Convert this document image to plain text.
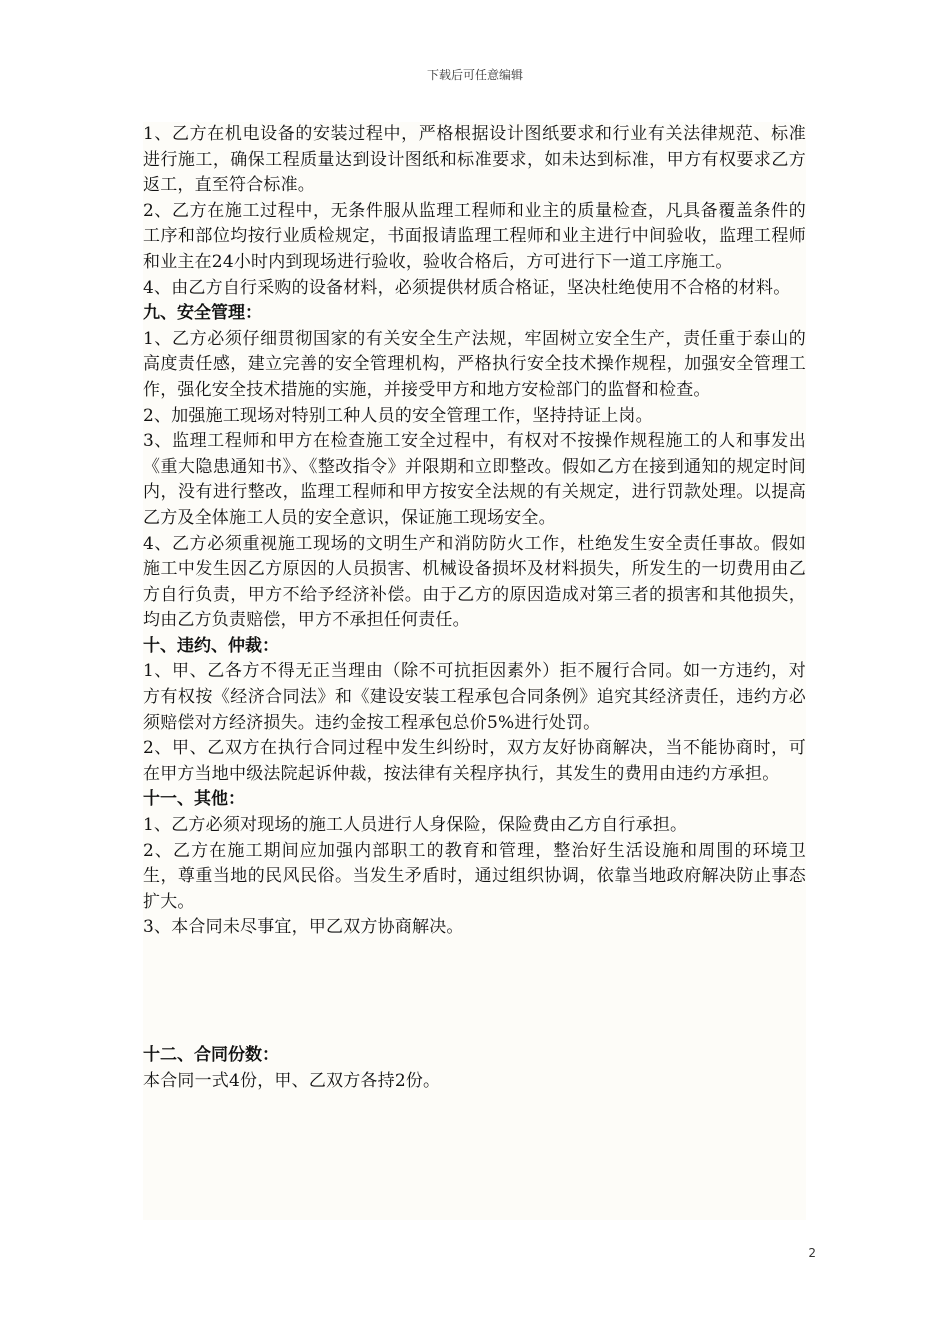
下载后可任意编辑

1、乙方在机电设备的安装过程中，严格根据设计图纸要求和行业有关法律规范、标准进行施工，确保工程质量达到设计图纸和标准要求，如未达到标准，甲方有权要求乙方返工，直至符合标准。

2、乙方在施工过程中，无条件服从监理工程师和业主的质量检查，凡具备覆盖条件的工序和部位均按行业质检规定，书面报请监理工程师和业主进行中间验收，监理工程师和业主在24小时内到现场进行验收，验收合格后，方可进行下一道工序施工。

4、由乙方自行采购的设备材料，必须提供材质合格证，坚决杜绝使用不合格的材料。

九、安全管理：

1、乙方必须仔细贯彻国家的有关安全生产法规，牢固树立安全生产，责任重于泰山的高度责任感，建立完善的安全管理机构，严格执行安全技术操作规程，加强安全管理工作，强化安全技术措施的实施，并接受甲方和地方安检部门的监督和检查。

2、加强施工现场对特别工种人员的安全管理工作，坚持持证上岗。

3、监理工程师和甲方在检查施工安全过程中，有权对不按操作规程施工的人和事发出《重大隐患通知书》、《整改指令》并限期和立即整改。假如乙方在接到通知的规定时间内，没有进行整改，监理工程师和甲方按安全法规的有关规定，进行罚款处理。以提高乙方及全体施工人员的安全意识，保证施工现场安全。

4、乙方必须重视施工现场的文明生产和消防防火工作，杜绝发生安全责任事故。假如施工中发生因乙方原因的人员损害、机械设备损坏及材料损失，所发生的一切费用由乙方自行负责，甲方不给予经济补偿。由于乙方的原因造成对第三者的损害和其他损失，均由乙方负责赔偿，甲方不承担任何责任。

十、违约、仲裁：

1、甲、乙各方不得无正当理由（除不可抗拒因素外）拒不履行合同。如一方违约，对方有权按《经济合同法》和《建设安装工程承包合同条例》追究其经济责任，违约方必须赔偿对方经济损失。违约金按工程承包总价5%进行处罚。

2、甲、乙双方在执行合同过程中发生纠纷时，双方友好协商解决，当不能协商时，可在甲方当地中级法院起诉仲裁，按法律有关程序执行，其发生的费用由违约方承担。

十一、其他：

1、乙方必须对现场的施工人员进行人身保险，保险费由乙方自行承担。

2、乙方在施工期间应加强内部职工的教育和管理，整治好生活设施和周围的环境卫生，尊重当地的民风民俗。当发生矛盾时，通过组织协调，依靠当地政府解决防止事态扩大。

3、本合同未尽事宜，甲乙双方协商解决。

十二、合同份数：

本合同一式4份，甲、乙双方各持2份。

2
